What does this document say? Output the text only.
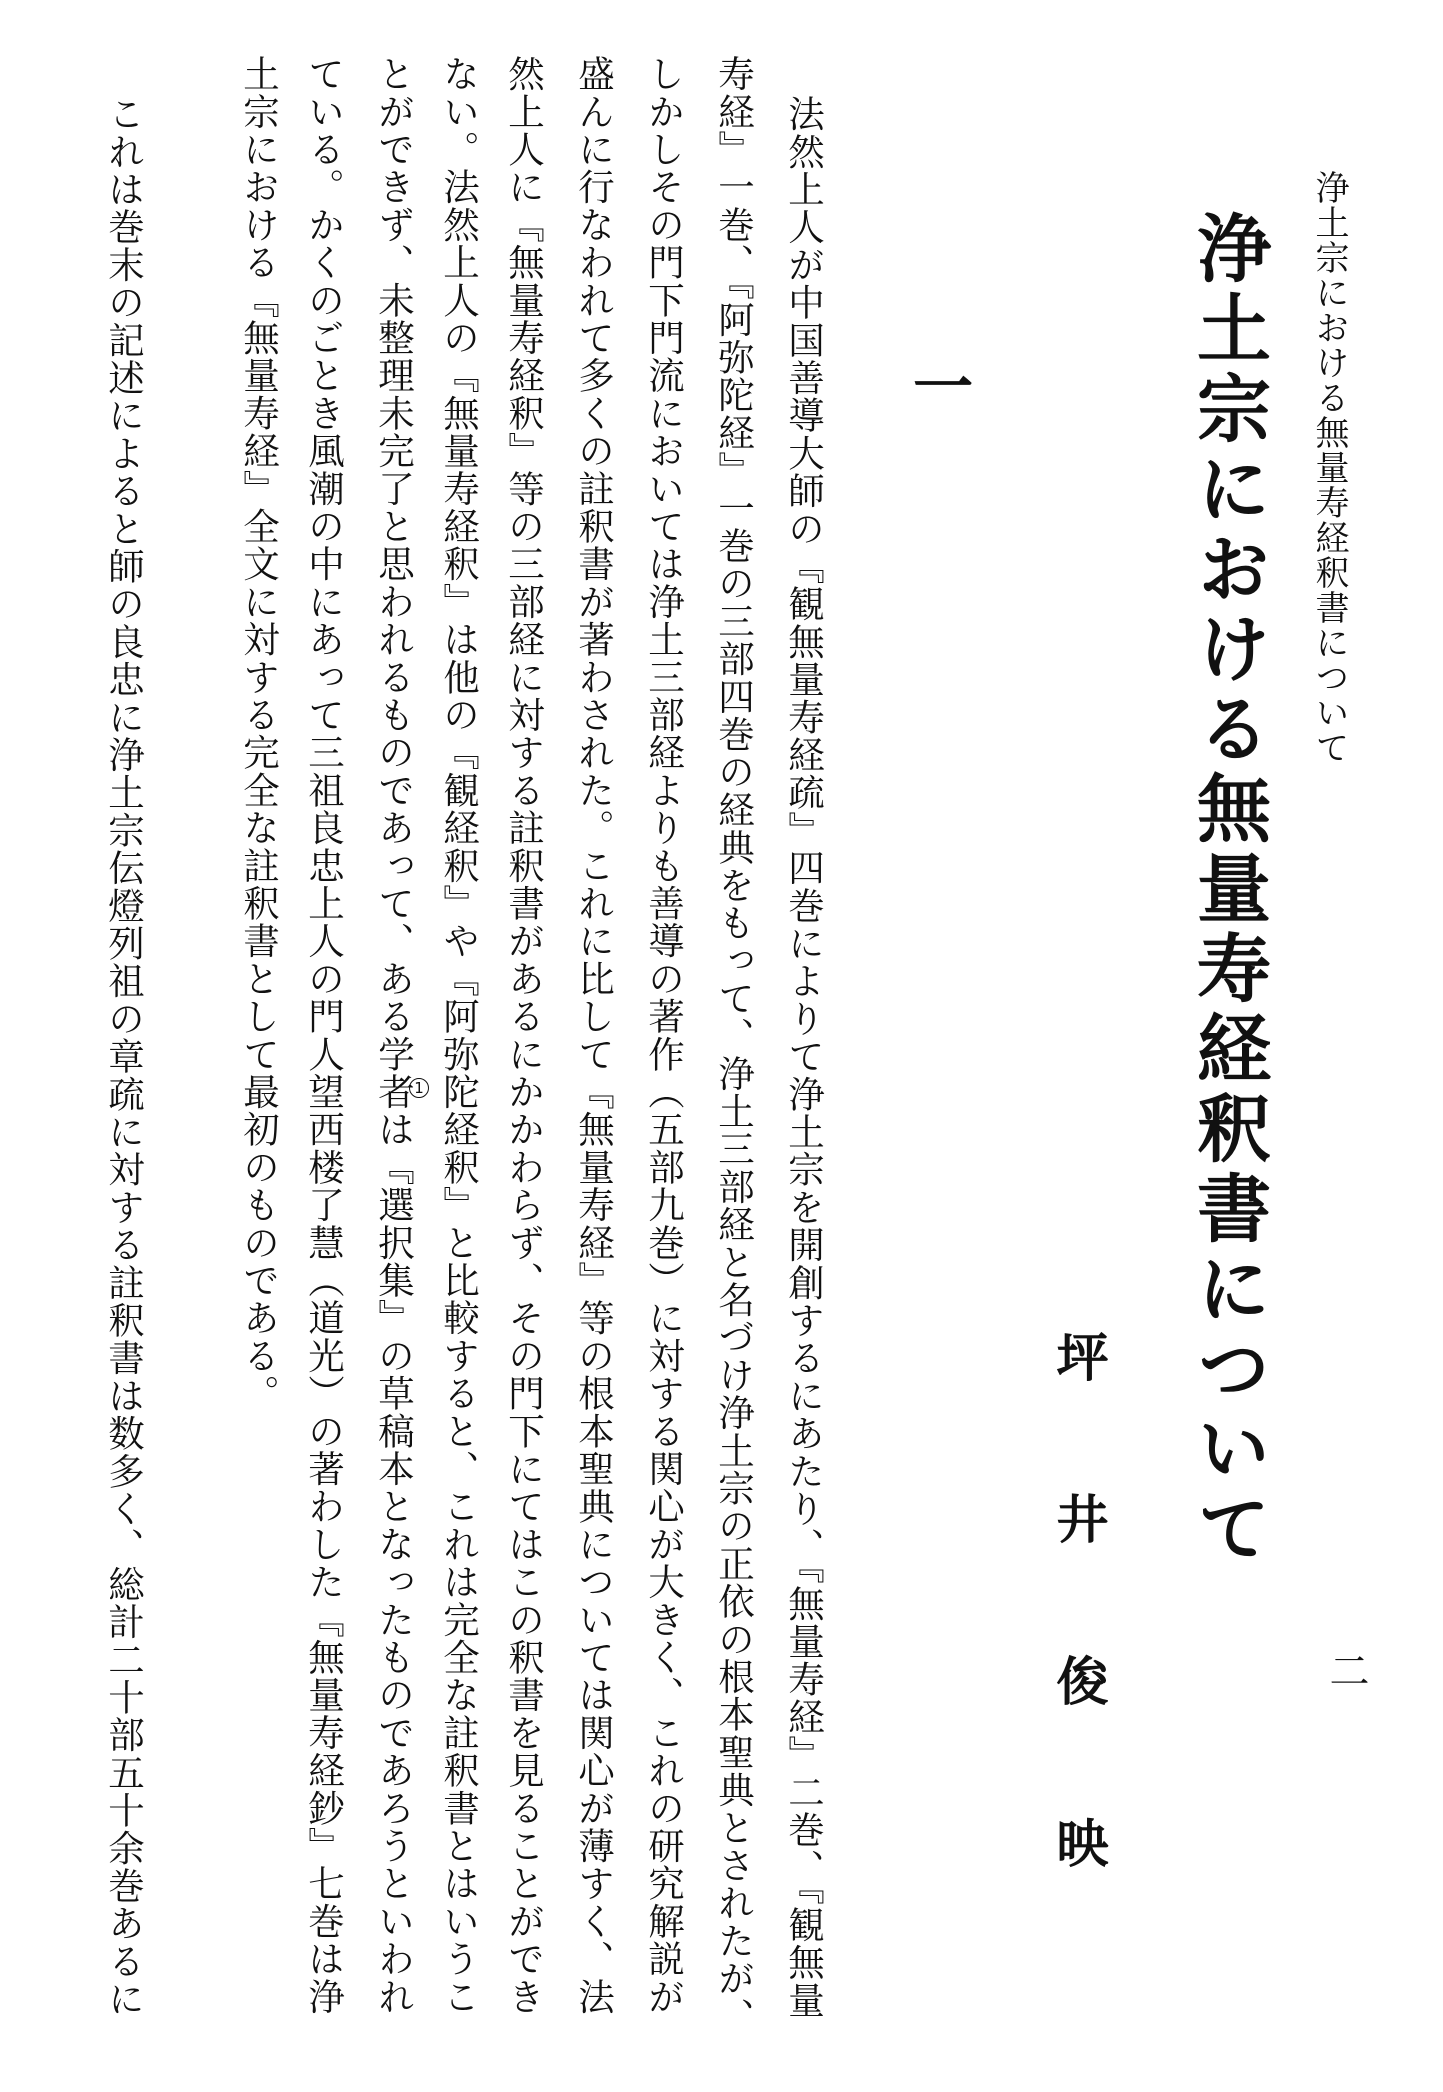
浄土宗における無量寿経釈書について
二
浄土宗における無量寿経釈書について
坪井俊映
一

法然上人が中国善導大師の『観無量寿経疏』四巻によりて浄土宗を開創するにあたり、『無量寿経』二巻、『観無量

寿経』一巻、『阿弥陀経』一巻の三部四巻の経典をもって、浄土三部経と名づけ浄土宗の正依の根本聖典とされたが、

しかしその門下門流においては浄土三部経よりも善導の著作（五部九巻）に対する関心が大きく、これの研究解説が

盛んに行なわれて多くの註釈書が著わされた。これに比して『無量寿経』等の根本聖典については関心が薄すく、法

然上人に『無量寿経釈』等の三部経に対する註釈書があるにかかわらず、その門下にてはこの釈書を見ることができ

ない。法然上人の『無量寿経釈』は他の『観経釈』や『阿弥陀経釈』と比較すると、これは完全な註釈書とはいうこ

とができず、未整理未完了と思われるものであって、ある学者は『選択集』の草稿本となったものであろうといわれ

ている。かくのごとき風潮の中にあって三祖良忠上人の門人望西楼了慧（道光）の著わした『無量寿経鈔』七巻は浄

土宗における『無量寿経』全文に対する完全な註釈書として最初のものである。

これは巻末の記述によると師の良忠に浄土宗伝燈列祖の章疏に対する註釈書は数多く、総計二十部五十余巻あるに	1
